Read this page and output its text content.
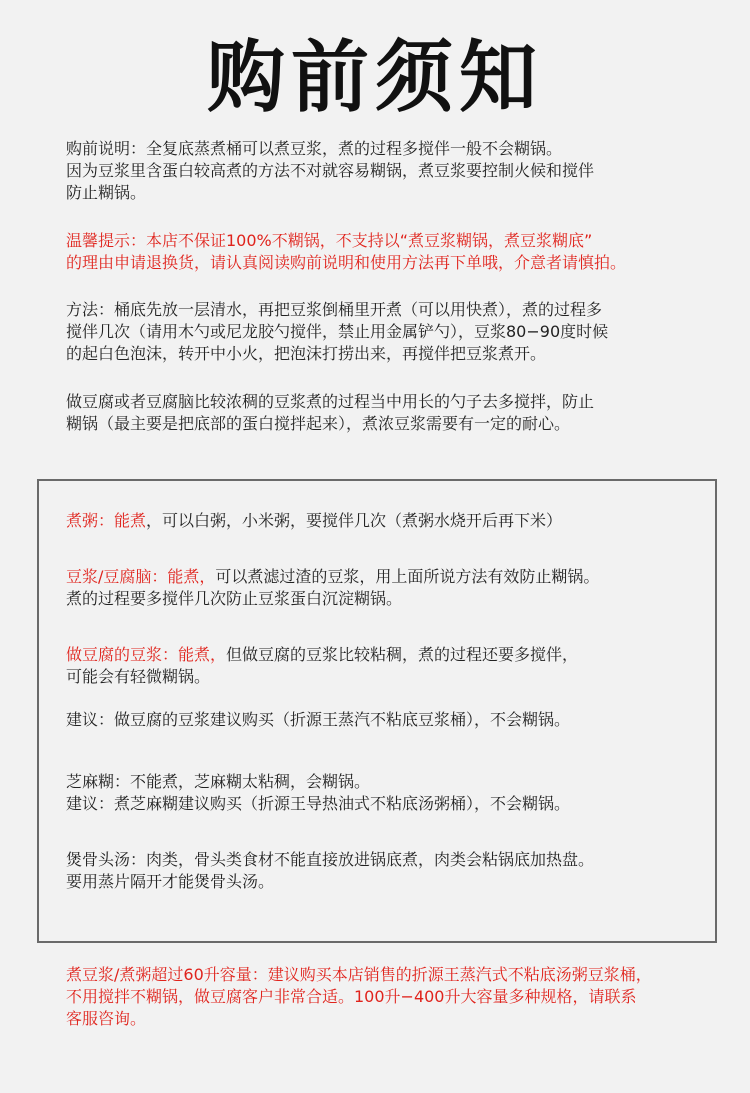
购前须知
购前说明：全复底蒸煮桶可以煮豆浆，煮的过程多搅伴一般不会糊锅。
因为豆浆里含蛋白较高煮的方法不对就容易糊锅，煮豆浆要控制火候和搅伴
防止糊锅。
温馨提示：本店不保证100%不糊锅，不支持以“煮豆浆糊锅，煮豆浆糊底”
的理由申请退换货，请认真阅读购前说明和使用方法再下单哦，介意者请慎拍。
方法：桶底先放一层清水，再把豆浆倒桶里开煮（可以用快煮），煮的过程多
搅伴几次（请用木勺或尼龙胶勺搅伴，禁止用金属铲勺），豆浆80−90度时候
的起白色泡沫，转开中小火，把泡沫打捞出来，再搅伴把豆浆煮开。
做豆腐或者豆腐脑比较浓稠的豆浆煮的过程当中用长的勺子去多搅拌，防止
糊锅（最主要是把底部的蛋白搅拌起来），煮浓豆浆需要有一定的耐心。
煮粥：能煮，可以白粥，小米粥，要搅伴几次（煮粥水烧开后再下米）
豆浆/豆腐脑：能煮，可以煮滤过渣的豆浆，用上面所说方法有效防止糊锅。
煮的过程要多搅伴几次防止豆浆蛋白沉淀糊锅。
做豆腐的豆浆：能煮，但做豆腐的豆浆比较粘稠，煮的过程还要多搅伴，
可能会有轻微糊锅。
建议：做豆腐的豆浆建议购买（折源王蒸汽不粘底豆浆桶），不会糊锅。
芝麻糊：不能煮，芝麻糊太粘稠，会糊锅。
建议：煮芝麻糊建议购买（折源王导热油式不粘底汤粥桶），不会糊锅。
煲骨头汤：肉类，骨头类食材不能直接放进锅底煮，肉类会粘锅底加热盘。
要用蒸片隔开才能煲骨头汤。
煮豆浆/煮粥超过60升容量：建议购买本店销售的折源王蒸汽式不粘底汤粥豆浆桶，
不用搅拌不糊锅，做豆腐客户非常合适。100升−400升大容量多种规格，请联系
客服咨询。
